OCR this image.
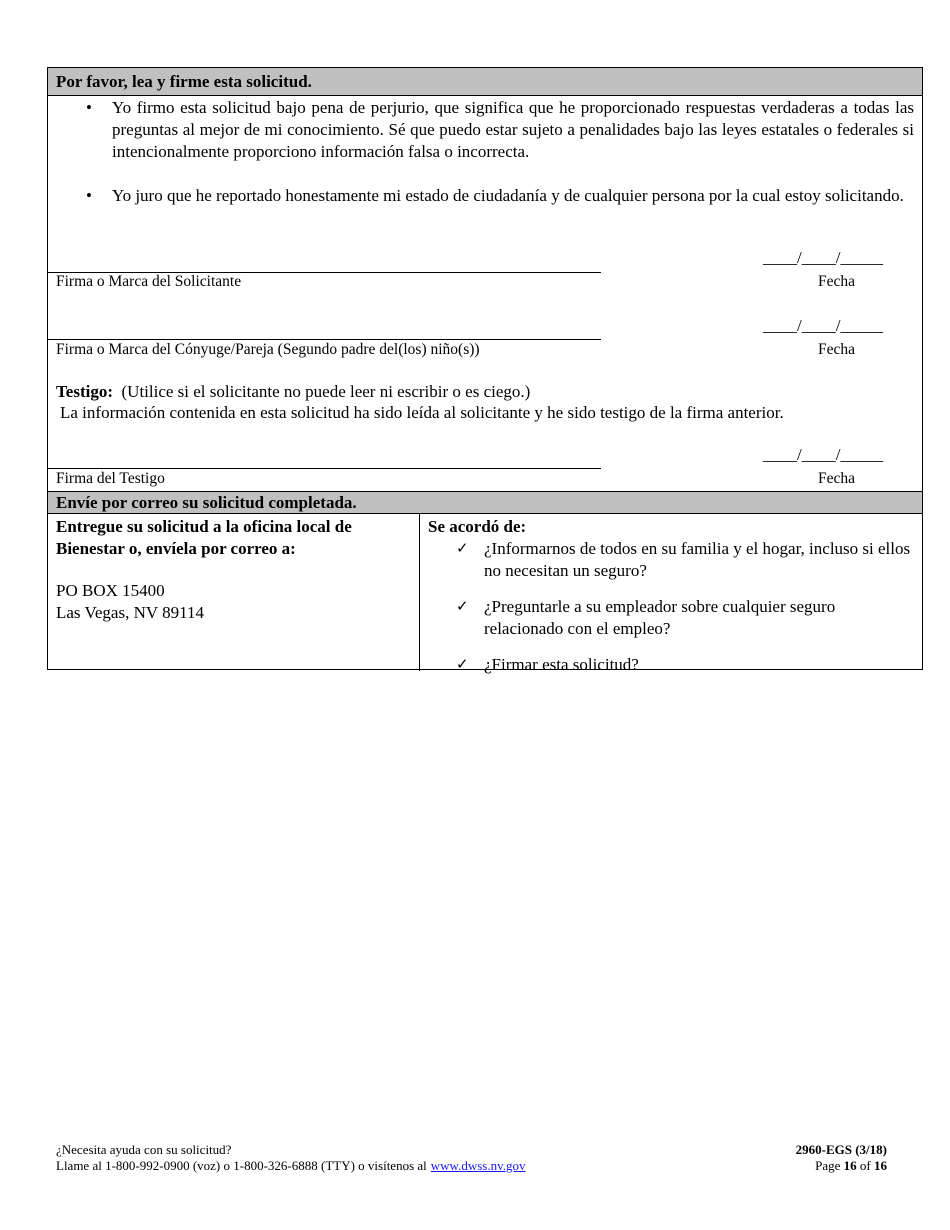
Por favor, lea y firme esta solicitud.
• Yo firmo esta solicitud bajo pena de perjurio, que significa que he proporcionado respuestas verdaderas a todas las preguntas al mejor de mi conocimiento. Sé que puedo estar sujeto a penalidades bajo las leyes estatales o federales si intencionalmente proporciono información falsa o incorrecta.
• Yo juro que he reportado honestamente mi estado de ciudadanía y de cualquier persona por la cual estoy solicitando.
____/____/_____
Firma o Marca del Solicitante	Fecha
____/____/_____
Firma o Marca del Cónyuge/Pareja (Segundo padre del(los) niño(s))	Fecha
Testigo: (Utilice si el solicitante no puede leer ni escribir o es ciego.)
La información contenida en esta solicitud ha sido leída al solicitante y he sido testigo de la firma anterior.
____/____/_____
Firma del Testigo	Fecha
Envíe por correo su solicitud completada.
Entregue su solicitud a la oficina local de Bienestar o, envíela por correo a:
PO BOX 15400
Las Vegas, NV 89114
Se acordó de:
✓ ¿Informarnos de todos en su familia y el hogar, incluso si ellos no necesitan un seguro?
✓ ¿Preguntarle a su empleador sobre cualquier seguro relacionado con el empleo?
✓ ¿Firmar esta solicitud?
¿Necesita ayuda con su solicitud?
Llame al 1-800-992-0900 (voz) o 1-800-326-6888 (TTY) o visítenos al www.dwss.nv.gov
2960-EGS (3/18)
Page 16 of 16
